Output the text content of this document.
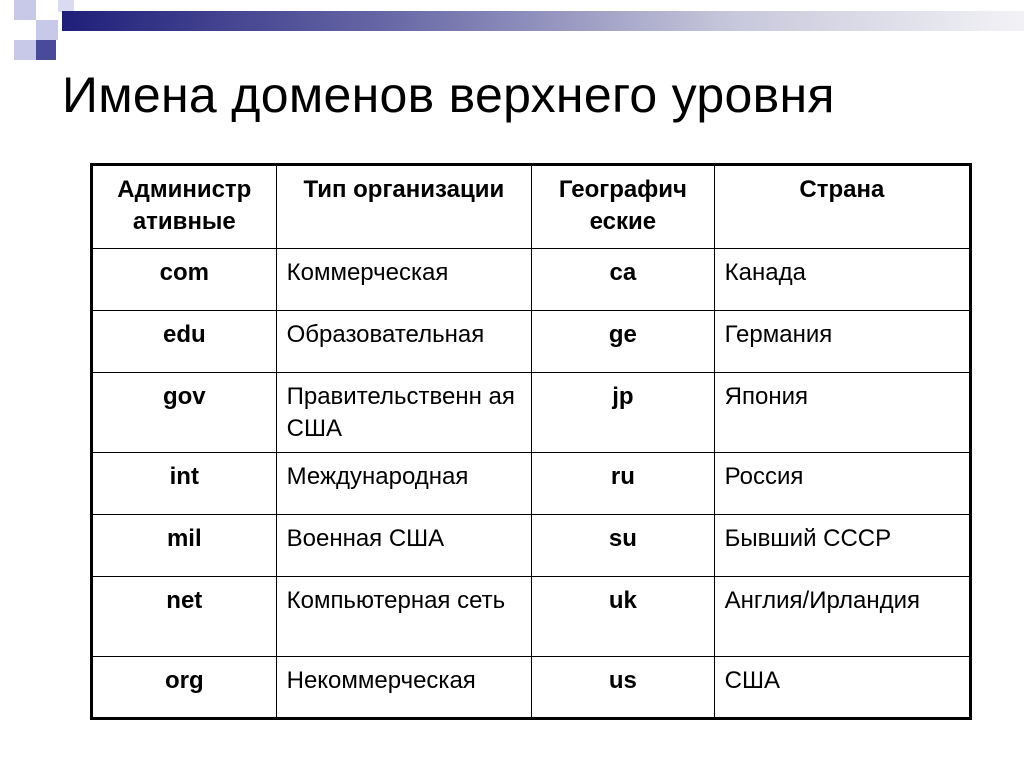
Имена доменов верхнего уровня
Администр ативные	Тип организации	Географич еские	Страна
com	Коммерческая	ca	Канада
edu	Образовательная	ge	Германия
gov	Правительственн ая США	jp	Япония
int	Международная	ru	Россия
mil	Военная США	su	Бывший СССР
net	Компьютерная сеть	uk	Англия/Ирландия
org	Некоммерческая	us	США
